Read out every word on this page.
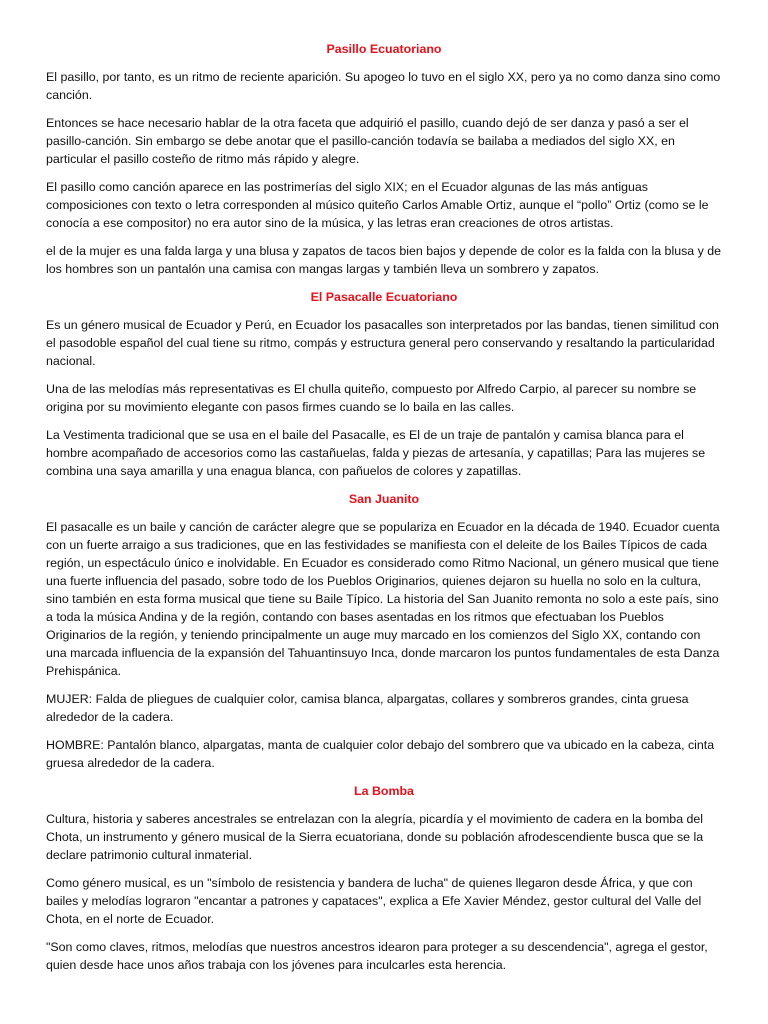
Pasillo Ecuatoriano

El pasillo, por tanto, es un ritmo de reciente aparición. Su apogeo lo tuvo en el siglo XX, pero ya no como danza sino como canción.

Entonces se hace necesario hablar de la otra faceta que adquirió el pasillo, cuando dejó de ser danza y pasó a ser el pasillo-canción. Sin embargo se debe anotar que el pasillo-canción todavía se bailaba a mediados del siglo XX, en particular el pasillo costeño de ritmo más rápido y alegre.

El pasillo como canción aparece en las postrimerías del siglo XIX; en el Ecuador algunas de las más antiguas composiciones con texto o letra corresponden al músico quiteño Carlos Amable Ortiz, aunque el “pollo” Ortiz (como se le conocía a ese compositor) no era autor sino de la música, y las letras eran creaciones de otros artistas.

el de la mujer es una falda larga y una blusa y zapatos de tacos bien bajos y depende de color es la falda con la blusa y de los hombres son un pantalón una camisa con mangas largas y también lleva un sombrero y zapatos.

El Pasacalle Ecuatoriano

Es un género musical de Ecuador y Perú, en Ecuador los pasacalles son interpretados por las bandas, tienen similitud con el pasodoble español del cual tiene su ritmo, compás y estructura general pero conservando y resaltando la particularidad nacional.

Una de las melodías más representativas es El chulla quiteño, compuesto por Alfredo Carpio, al parecer su nombre se origina por su movimiento elegante con pasos firmes cuando se lo baila en las calles.

La Vestimenta tradicional que se usa en el baile del Pasacalle, es El de un traje de pantalón y camisa blanca para el hombre acompañado de accesorios como las castañuelas, falda y piezas de artesanía, y capatillas; Para las mujeres se combina una saya amarilla y una enagua blanca, con pañuelos de colores y zapatillas.

San Juanito

El pasacalle es un baile y canción de carácter alegre que se populariza en Ecuador en la década de 1940. Ecuador cuenta con un fuerte arraigo a sus tradiciones, que en las festividades se manifiesta con el deleite de los Bailes Típicos de cada región, un espectáculo único e inolvidable. En Ecuador es considerado como Ritmo Nacional, un género musical que tiene una fuerte influencia del pasado, sobre todo de los Pueblos Originarios, quienes dejaron su huella no solo en la cultura, sino también en esta forma musical que tiene su Baile Típico. La historia del San Juanito remonta no solo a este país, sino a toda la música Andina y de la región, contando con bases asentadas en los ritmos que efectuaban los Pueblos Originarios de la región, y teniendo principalmente un auge muy marcado en los comienzos del Siglo XX, contando con una marcada influencia de la expansión del Tahuantinsuyo Inca, donde marcaron los puntos fundamentales de esta Danza Prehispánica.

MUJER: Falda de pliegues de cualquier color, camisa blanca, alpargatas, collares y sombreros grandes, cinta gruesa alrededor de la cadera.

HOMBRE: Pantalón blanco, alpargatas, manta de cualquier color debajo del sombrero que va ubicado en la cabeza, cinta gruesa alrededor de la cadera.

La Bomba

Cultura, historia y saberes ancestrales se entrelazan con la alegría, picardía y el movimiento de cadera en la bomba del Chota, un instrumento y género musical de la Sierra ecuatoriana, donde su población afrodescendiente busca que se la declare patrimonio cultural inmaterial.

Como género musical, es un "símbolo de resistencia y bandera de lucha" de quienes llegaron desde África, y que con bailes y melodías lograron "encantar a patrones y capataces", explica a Efe Xavier Méndez, gestor cultural del Valle del Chota, en el norte de Ecuador.

"Son como claves, ritmos, melodías que nuestros ancestros idearon para proteger a su descendencia", agrega el gestor, quien desde hace unos años trabaja con los jóvenes para inculcarles esta herencia.
